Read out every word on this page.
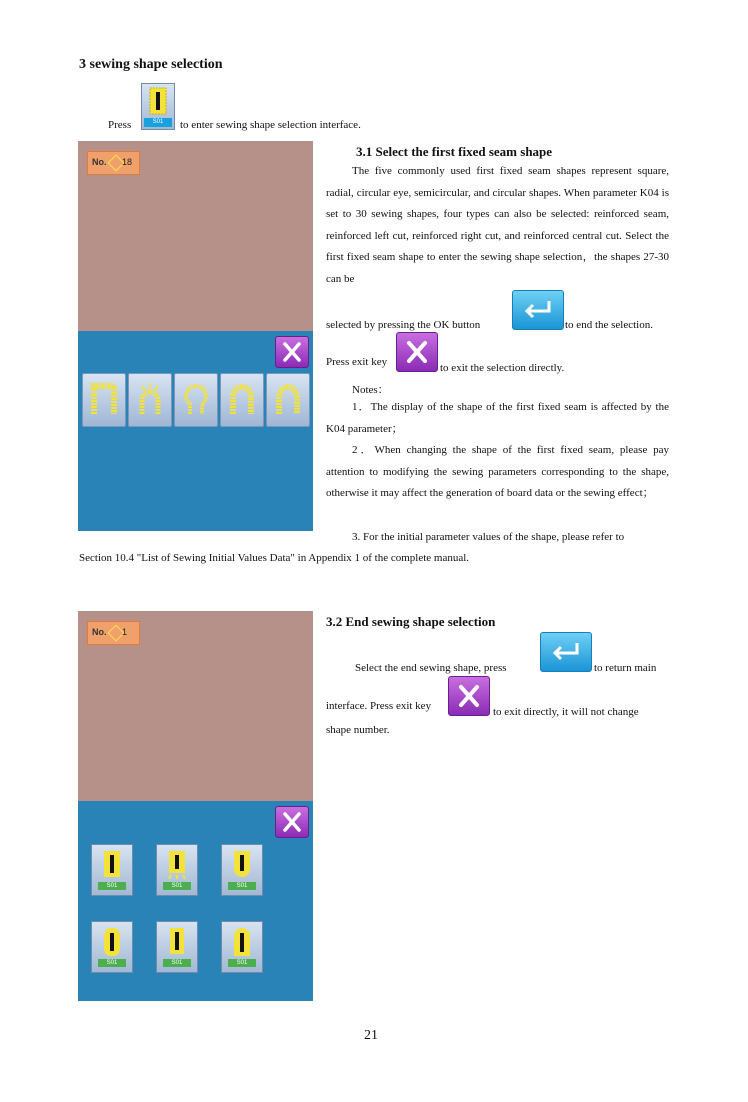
3 sewing shape selection
Press	S01	to enter sewing shape selection interface.
No. 18
3.1 Select the first fixed seam shape
The five commonly used first fixed seam shapes represent square, radial, circular eye, semicircular, and circular shapes. When parameter K04 is set to 30 sewing shapes, four types can also be selected: reinforced seam, reinforced left cut, reinforced right cut, and reinforced central cut. Select the first fixed seam shape to enter the sewing shape selection，the shapes 27-30 can be
selected by pressing the OK button	to end the selection.
Press exit key	to exit the selection directly.
Notes：
1．The display of the shape of the first fixed seam is affected by the K04 parameter；
2．When changing the shape of the first fixed seam, please pay attention to modifying the sewing parameters corresponding to the shape, otherwise it may affect the generation of board data or the sewing effect；
3. For the initial parameter values of the shape, please refer to
Section 10.4 "List of Sewing Initial Values Data" in Appendix 1 of the complete manual.
No. 1
S01	S01	S01
S01	S01	S01
3.2 End sewing shape selection
Select the end sewing shape, press	to return main
interface. Press exit key	to exit directly, it will not change
shape number.
21
